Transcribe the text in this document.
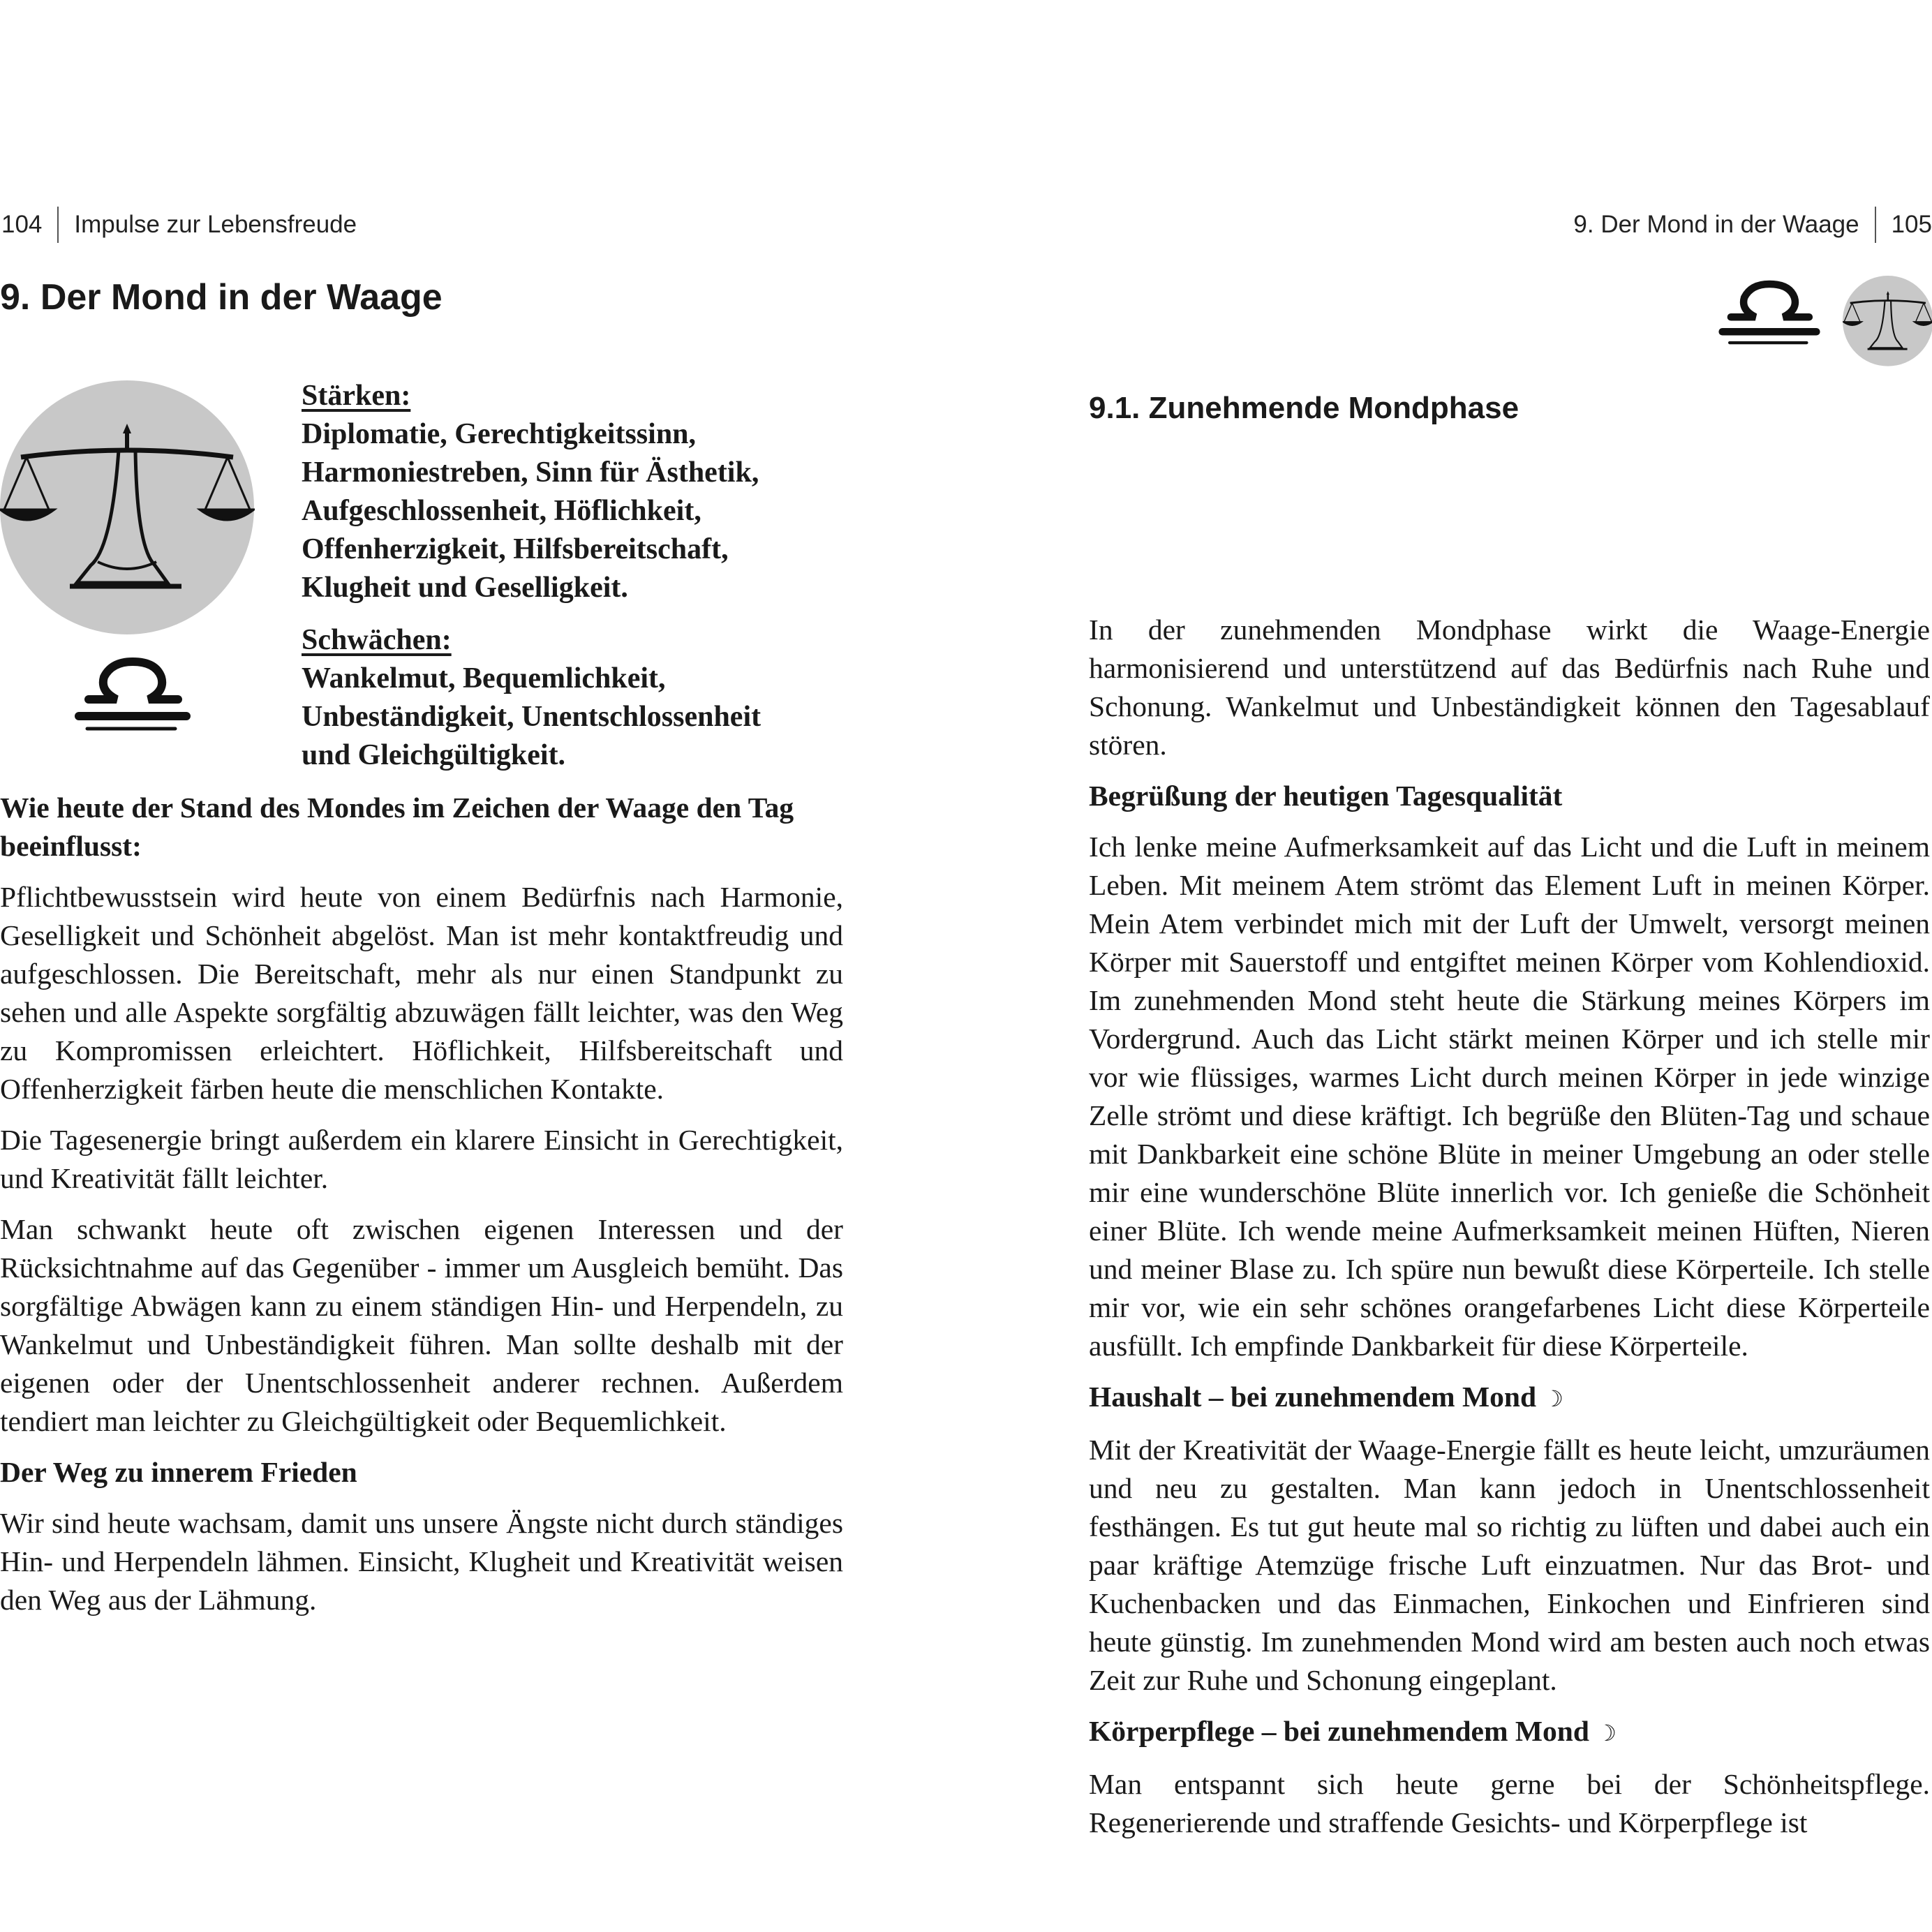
104	Impulse zur Lebensfreude
9. Der Mond in der Waage
Stärken:
Diplomatie, Gerechtigkeitssinn,
Harmoniestreben, Sinn für Ästhetik,
Aufgeschlossenheit, Höflichkeit,
Offenherzigkeit, Hilfsbereitschaft,
Klugheit und Geselligkeit.
Schwächen:
Wankelmut, Bequemlichkeit,
Unbeständigkeit, Unentschlossenheit
und Gleichgültigkeit.
Wie heute der Stand des Mondes im Zeichen der Waage den Tag beeinflusst:

Pflichtbewusstsein wird heute von einem Bedürfnis nach Harmonie, Geselligkeit und Schönheit abgelöst. Man ist mehr kontaktfreudig und aufgeschlossen. Die Bereitschaft, mehr als nur einen Standpunkt zu sehen und alle Aspekte sorgfältig abzuwägen fällt leichter, was den Weg zu Kompromissen erleichtert. Höflichkeit, Hilfsbereitschaft und Offenherzigkeit färben heute die menschlichen Kontakte.

Die Tagesenergie bringt außerdem ein klarere Einsicht in Gerechtigkeit, und Kreativität fällt leichter.

Man schwankt heute oft zwischen eigenen Interessen und der Rücksichtnahme auf das Gegenüber - immer um Ausgleich bemüht. Das sorgfältige Abwägen kann zu einem ständigen Hin- und Herpendeln, zu Wankelmut und Unbeständigkeit führen. Man sollte deshalb mit der eigenen oder der Unentschlossenheit anderer rechnen. Außerdem tendiert man leichter zu Gleichgültigkeit oder Bequemlichkeit.

Der Weg zu innerem Frieden

Wir sind heute wachsam, damit uns unsere Ängste nicht durch ständiges Hin- und Herpendeln lähmen. Einsicht, Klugheit und Kreativität weisen den Weg aus der Lähmung.

9. Der Mond in der Waage	105
9.1. Zunehmende Mondphase

In der zunehmenden Mondphase wirkt die Waage-Energie harmonisierend und unterstützend auf das Bedürfnis nach Ruhe und Schonung. Wankelmut und Unbeständigkeit können den Tagesablauf stören.

Begrüßung der heutigen Tagesqualität

Ich lenke meine Aufmerksamkeit auf das Licht und die Luft in meinem Leben. Mit meinem Atem strömt das Element Luft in meinen Körper. Mein Atem verbindet mich mit der Luft der Umwelt, versorgt meinen Körper mit Sauerstoff und entgiftet meinen Körper vom Kohlendioxid. Im zunehmenden Mond steht heute die Stärkung meines Körpers im Vordergrund. Auch das Licht stärkt meinen Körper und ich stelle mir vor wie flüssiges, warmes Licht durch meinen Körper in jede winzige Zelle strömt und diese kräftigt. Ich begrüße den Blüten-Tag und schaue mit Dankbarkeit eine schöne Blüte in meiner Umgebung an oder stelle mir eine wunderschöne Blüte innerlich vor. Ich genieße die Schönheit einer Blüte. Ich wende meine Aufmerksamkeit meinen Hüften, Nieren und meiner Blase zu. Ich spüre nun bewußt diese Körperteile. Ich stelle mir vor, wie ein sehr schönes orangefarbenes Licht diese Körperteile ausfüllt. Ich empfinde Dankbarkeit für diese Körperteile.

Haushalt – bei zunehmendem Mond ☽

Mit der Kreativität der Waage-Energie fällt es heute leicht, umzuräumen und neu zu gestalten. Man kann jedoch in Unentschlossenheit festhängen. Es tut gut heute mal so richtig zu lüften und dabei auch ein paar kräftige Atemzüge frische Luft einzuatmen. Nur das Brot- und Kuchenbacken und das Einmachen, Einkochen und Einfrieren sind heute günstig. Im zunehmenden Mond wird am besten auch noch etwas Zeit zur Ruhe und Schonung eingeplant.

Körperpflege – bei zunehmendem Mond ☽

Man entspannt sich heute gerne bei der Schönheitspflege. Regenerierende und straffende Gesichts- und Körperpflege ist
